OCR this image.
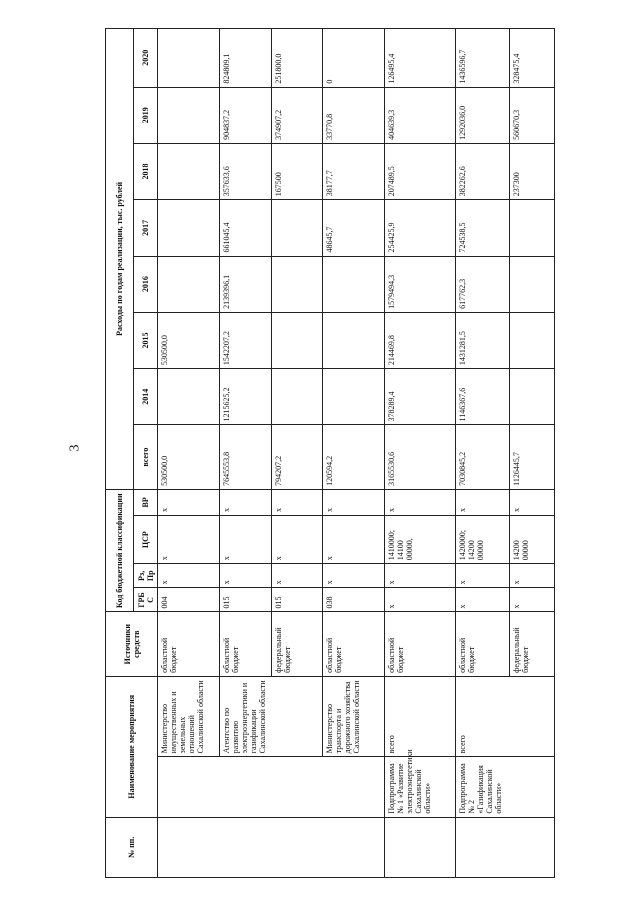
3
№ пп.	Наименование мероприятия		Источники средств	Код бюджетной классификации				Расходы по годам реализации, тыс. рублей							
				ГРБ С	Рз, Пр	ЦСР	ВР	всего	2014	2015	2016	2017	2018	2019	2020
		Министерство имущественных и земельных отношений Сахалинской области	областной бюджет	004	х	х	х	530500,0		530500,0					
		Агентство по развитию электроэнергетики и газификации Сахалинской области	областной бюджет	015	х	х	х	7645553,8	1215625,2	1542207,2	2139396,1	661045,4	357633,6	904837,2	824809,1
			федеральный бюджет	015	х	х	х	794207,2					167500	374907,2	251800,0
		Министерство транспорта и дорожного хозяйства Сахалинской области	областной бюджет	038	х	х	х	120594,2				48645,7	38177,7	33770,8	0
	Подпрограмма № 1 «Развитие электроэнергетики Сахалинской области»	всего	областной бюджет	х	х	1410000; 14100 00000,	х	3165530,6	378289,4	214469,8	1579494,3	254425,9	207489,5	404639,3	126495,4
	Подпрограмма № 2 «Газификация Сахалинской области»	всего	областной бюджет	х	х	1420000; 14200 00000	х	7030845,2	1146367,6	1431281,5	617762,3	724538,5	382262,6	1292036,0	1436596,7
			федеральный бюджет	х	х	14200 00000	х	1126445,7					237300	560670,3	328475,4
